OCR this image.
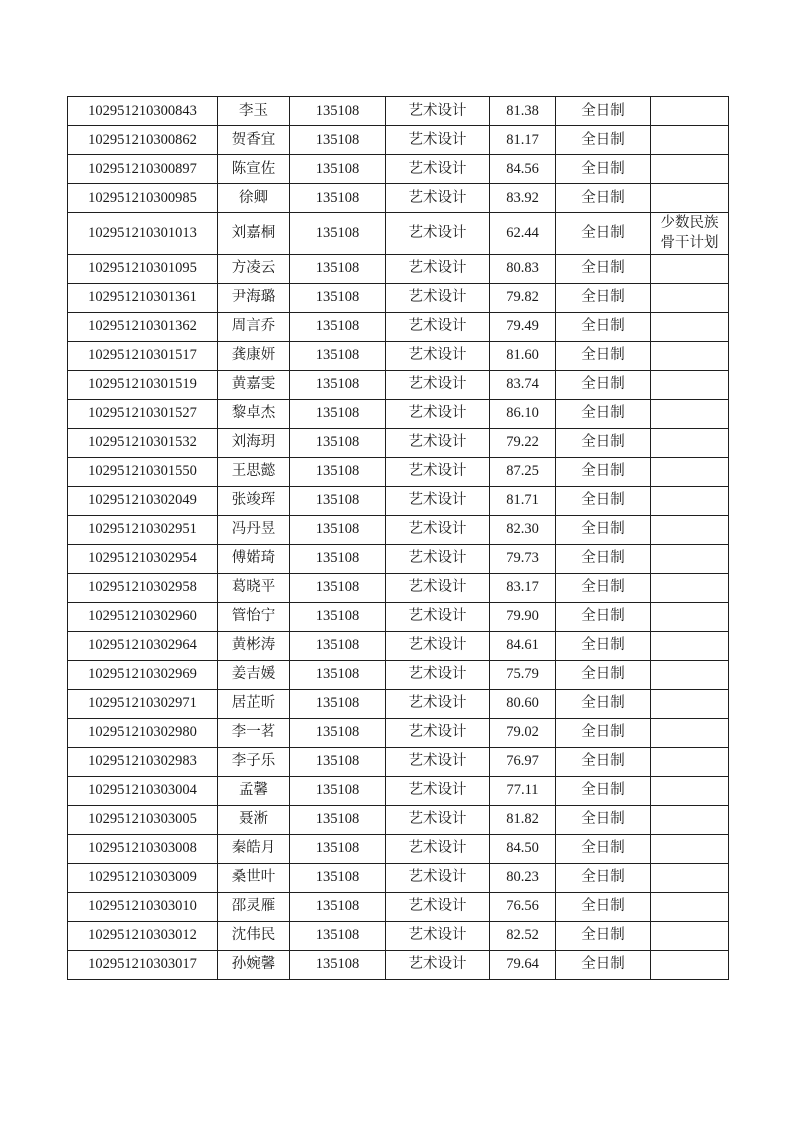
102951210300843	李玉	135108	艺术设计	81.38	全日制	
102951210300862	贺香宜	135108	艺术设计	81.17	全日制	
102951210300897	陈宣佐	135108	艺术设计	84.56	全日制	
102951210300985	徐卿	135108	艺术设计	83.92	全日制	
102951210301013	刘嘉桐	135108	艺术设计	62.44	全日制	少数民族骨干计划
102951210301095	方凌云	135108	艺术设计	80.83	全日制	
102951210301361	尹海璐	135108	艺术设计	79.82	全日制	
102951210301362	周言乔	135108	艺术设计	79.49	全日制	
102951210301517	龚康妍	135108	艺术设计	81.60	全日制	
102951210301519	黄嘉雯	135108	艺术设计	83.74	全日制	
102951210301527	黎卓杰	135108	艺术设计	86.10	全日制	
102951210301532	刘海玥	135108	艺术设计	79.22	全日制	
102951210301550	王思懿	135108	艺术设计	87.25	全日制	
102951210302049	张竣珲	135108	艺术设计	81.71	全日制	
102951210302951	冯丹昱	135108	艺术设计	82.30	全日制	
102951210302954	傅婼琦	135108	艺术设计	79.73	全日制	
102951210302958	葛晓平	135108	艺术设计	83.17	全日制	
102951210302960	管怡宁	135108	艺术设计	79.90	全日制	
102951210302964	黄彬涛	135108	艺术设计	84.61	全日制	
102951210302969	姜吉媛	135108	艺术设计	75.79	全日制	
102951210302971	居芷昕	135108	艺术设计	80.60	全日制	
102951210302980	李一茗	135108	艺术设计	79.02	全日制	
102951210302983	李子乐	135108	艺术设计	76.97	全日制	
102951210303004	孟馨	135108	艺术设计	77.11	全日制	
102951210303005	聂淅	135108	艺术设计	81.82	全日制	
102951210303008	秦皓月	135108	艺术设计	84.50	全日制	
102951210303009	桑世叶	135108	艺术设计	80.23	全日制	
102951210303010	邵灵雁	135108	艺术设计	76.56	全日制	
102951210303012	沈伟民	135108	艺术设计	82.52	全日制	
102951210303017	孙婉馨	135108	艺术设计	79.64	全日制	
